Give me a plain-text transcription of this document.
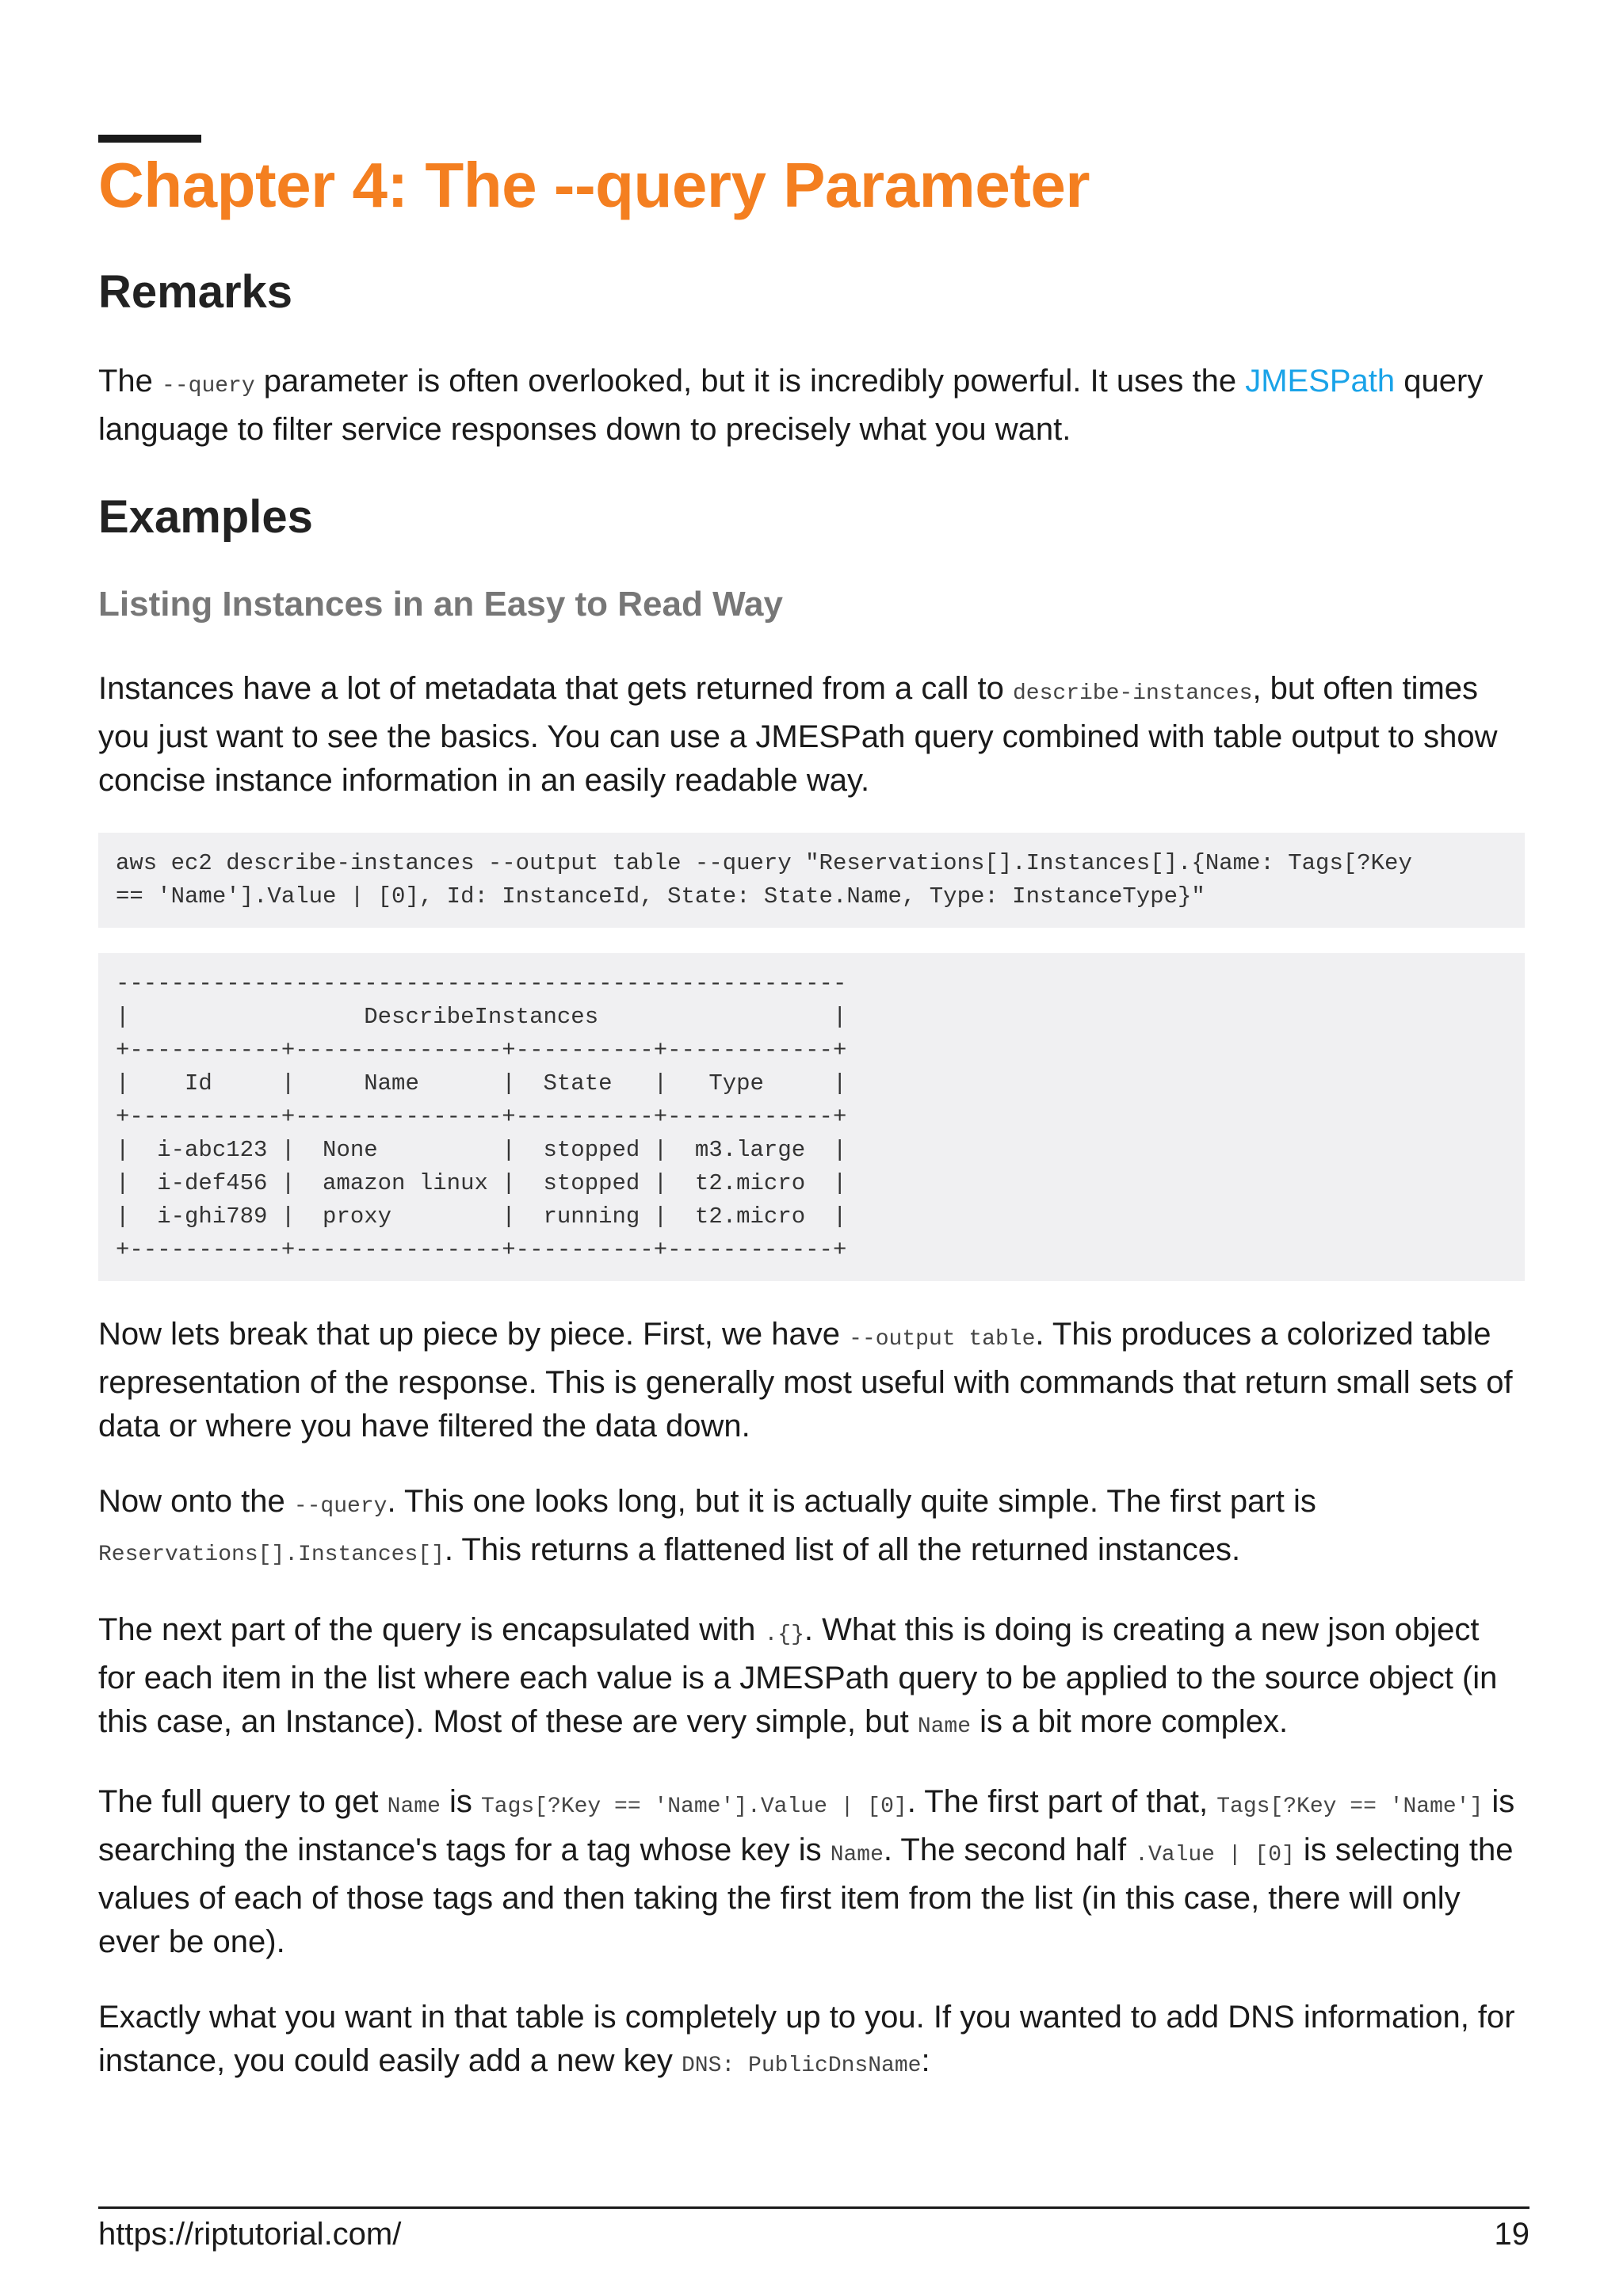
Chapter 4: The --query Parameter
Remarks

The --query parameter is often overlooked, but it is incredibly powerful. It uses the JMESPath query language to filter service responses down to precisely what you want.

Examples
Listing Instances in an Easy to Read Way

Instances have a lot of metadata that gets returned from a call to describe-instances, but often times you just want to see the basics. You can use a JMESPath query combined with table output to show concise instance information in an easily readable way.

aws ec2 describe-instances --output table --query "Reservations[].Instances[].{Name: Tags[?Key
== 'Name'].Value | [0], Id: InstanceId, State: State.Name, Type: InstanceType}"
-----------------------------------------------------
|                 DescribeInstances                 |
+-----------+---------------+----------+------------+
|    Id     |     Name      |  State   |   Type     |
+-----------+---------------+----------+------------+
|  i-abc123 |  None         |  stopped |  m3.large  |
|  i-def456 |  amazon linux |  stopped |  t2.micro  |
|  i-ghi789 |  proxy        |  running |  t2.micro  |
+-----------+---------------+----------+------------+

Now lets break that up piece by piece. First, we have --output table. This produces a colorized table representation of the response. This is generally most useful with commands that return small sets of data or where you have filtered the data down.

Now onto the --query. This one looks long, but it is actually quite simple. The first part is Reservations[].Instances[]. This returns a flattened list of all the returned instances.

The next part of the query is encapsulated with .{}. What this is doing is creating a new json object for each item in the list where each value is a JMESPath query to be applied to the source object (in this case, an Instance). Most of these are very simple, but Name is a bit more complex.

The full query to get Name is Tags[?Key == 'Name'].Value | [0]. The first part of that, Tags[?Key == 'Name'] is searching the instance's tags for a tag whose key is Name. The second half .Value | [0] is selecting the values of each of those tags and then taking the first item from the list (in this case, there will only ever be one).

Exactly what you want in that table is completely up to you. If you wanted to add DNS information, for instance, you could easily add a new key DNS: PublicDnsName:

https://riptutorial.com/	19
